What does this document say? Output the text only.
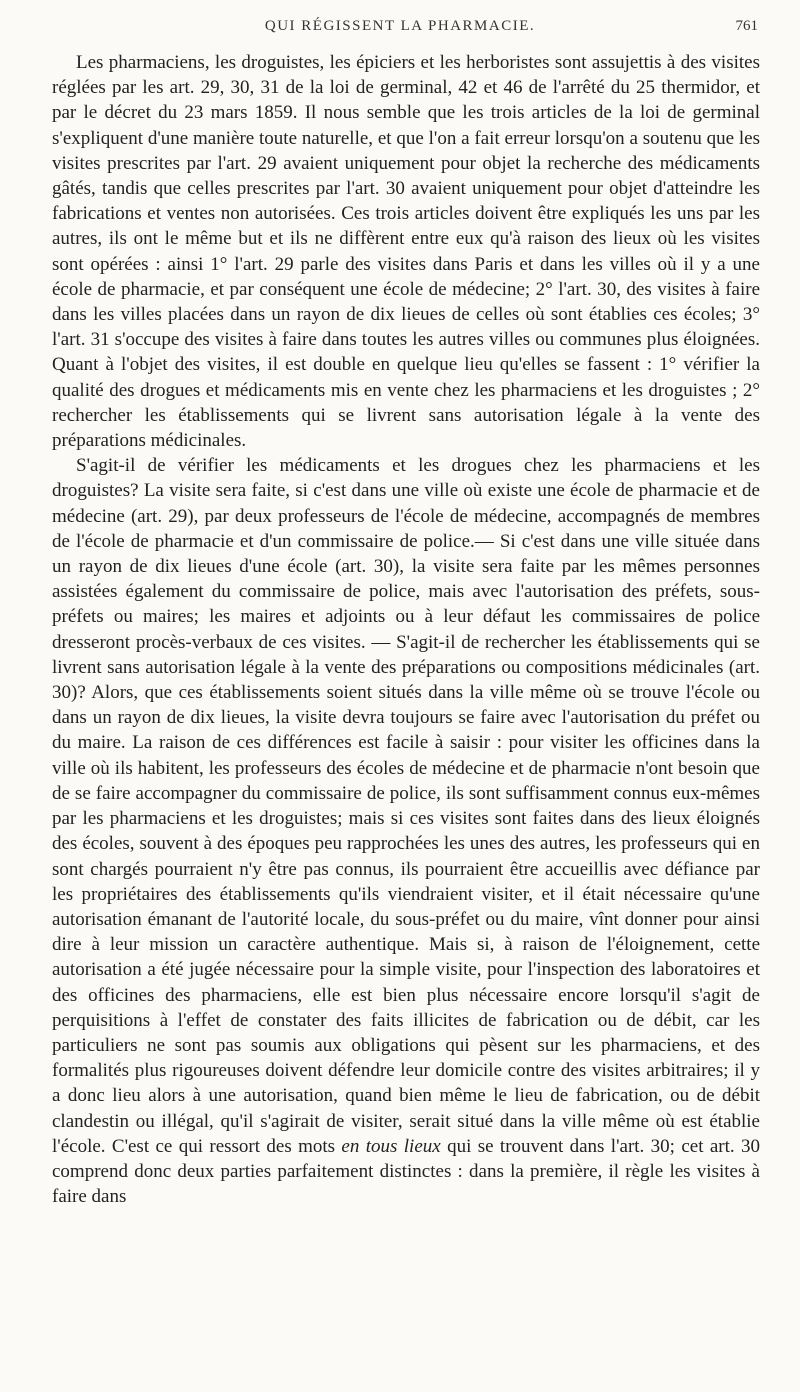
QUI RÉGISSENT LA PHARMACIE.	761

Les pharmaciens, les droguistes, les épiciers et les herboristes sont assujettis à des visites réglées par les art. 29, 30, 31 de la loi de germinal, 42 et 46 de l'arrêté du 25 thermidor, et par le décret du 23 mars 1859. Il nous semble que les trois articles de la loi de germinal s'expliquent d'une manière toute naturelle, et que l'on a fait erreur lorsqu'on a soutenu que les visites prescrites par l'art. 29 avaient uniquement pour objet la recherche des médicaments gâtés, tandis que celles prescrites par l'art. 30 avaient uniquement pour objet d'atteindre les fabrications et ventes non autorisées. Ces trois articles doivent être expliqués les uns par les autres, ils ont le même but et ils ne diffèrent entre eux qu'à raison des lieux où les visites sont opérées : ainsi 1° l'art. 29 parle des visites dans Paris et dans les villes où il y a une école de pharmacie, et par conséquent une école de médecine; 2° l'art. 30, des visites à faire dans les villes placées dans un rayon de dix lieues de celles où sont établies ces écoles; 3° l'art. 31 s'occupe des visites à faire dans toutes les autres villes ou communes plus éloignées. Quant à l'objet des visites, il est double en quelque lieu qu'elles se fassent : 1° vérifier la qualité des drogues et médicaments mis en vente chez les pharmaciens et les droguistes ; 2° rechercher les établissements qui se livrent sans autorisation légale à la vente des préparations médicinales.

S'agit-il de vérifier les médicaments et les drogues chez les pharmaciens et les droguistes? La visite sera faite, si c'est dans une ville où existe une école de pharmacie et de médecine (art. 29), par deux professeurs de l'école de médecine, accompagnés de membres de l'école de pharmacie et d'un commissaire de police.— Si c'est dans une ville située dans un rayon de dix lieues d'une école (art. 30), la visite sera faite par les mêmes personnes assistées également du commissaire de police, mais avec l'autorisation des préfets, sous-préfets ou maires; les maires et adjoints ou à leur défaut les commissaires de police dresseront procès-verbaux de ces visites. — S'agit-il de rechercher les établissements qui se livrent sans autorisation légale à la vente des préparations ou compositions médicinales (art. 30)? Alors, que ces établissements soient situés dans la ville même où se trouve l'école ou dans un rayon de dix lieues, la visite devra toujours se faire avec l'autorisation du préfet ou du maire. La raison de ces différences est facile à saisir : pour visiter les officines dans la ville où ils habitent, les professeurs des écoles de médecine et de pharmacie n'ont besoin que de se faire accompagner du commissaire de police, ils sont suffisamment connus eux-mêmes par les pharmaciens et les droguistes; mais si ces visites sont faites dans des lieux éloignés des écoles, souvent à des époques peu rapprochées les unes des autres, les professeurs qui en sont chargés pourraient n'y être pas connus, ils pourraient être accueillis avec défiance par les propriétaires des établissements qu'ils viendraient visiter, et il était nécessaire qu'une autorisation émanant de l'autorité locale, du sous-préfet ou du maire, vînt donner pour ainsi dire à leur mission un caractère authentique. Mais si, à raison de l'éloignement, cette autorisation a été jugée nécessaire pour la simple visite, pour l'inspection des laboratoires et des officines des pharmaciens, elle est bien plus nécessaire encore lorsqu'il s'agit de perquisitions à l'effet de constater des faits illicites de fabrication ou de débit, car les particuliers ne sont pas soumis aux obligations qui pèsent sur les pharmaciens, et des formalités plus rigoureuses doivent défendre leur domicile contre des visites arbitraires; il y a donc lieu alors à une autorisation, quand bien même le lieu de fabrication, ou de débit clandestin ou illégal, qu'il s'agirait de visiter, serait situé dans la ville même où est établie l'école. C'est ce qui ressort des mots en tous lieux qui se trouvent dans l'art. 30; cet art. 30 comprend donc deux parties parfaitement distinctes : dans la première, il règle les visites à faire dans
